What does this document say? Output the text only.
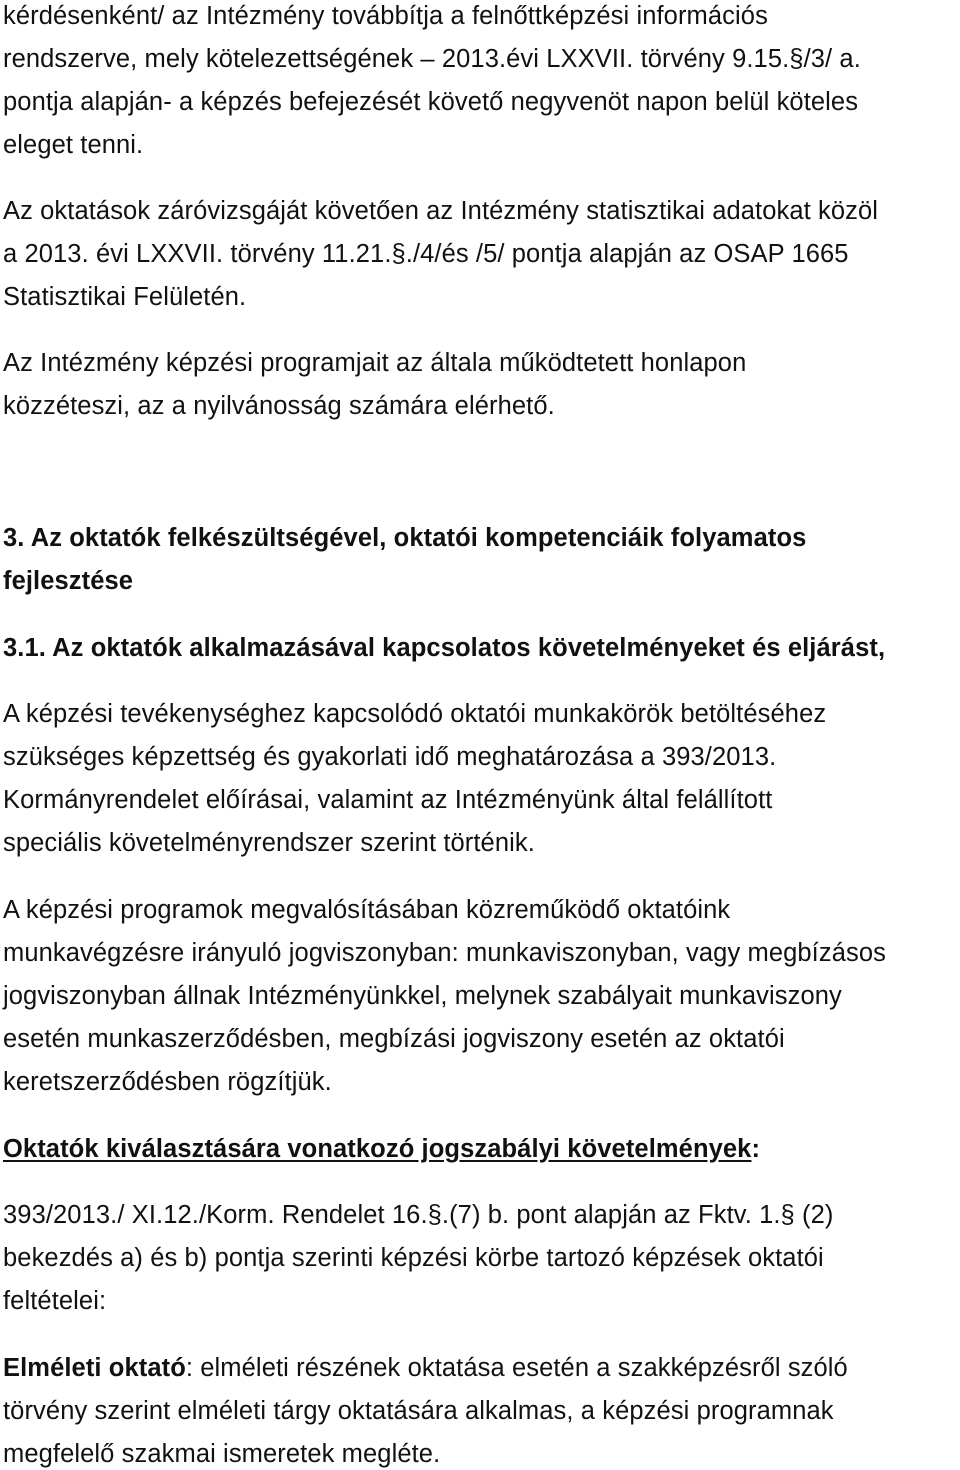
kérdésenként/ az Intézmény továbbítja a felnőttképzési információs
rendszerve, mely kötelezettségének – 2013.évi LXXVII. törvény 9.15.§/3/ a.
pontja alapján- a képzés befejezését követő negyvenöt napon belül köteles
eleget tenni.
Az oktatások záróvizsgáját követően az Intézmény statisztikai adatokat közöl
a 2013. évi LXXVII. törvény 11.21.§./4/és /5/ pontja alapján az OSAP 1665
Statisztikai Felületén.
Az Intézmény képzési programjait az általa működtetett honlapon
közzéteszi, az a nyilvánosság számára elérhető.
3. Az oktatók felkészültségével, oktatói kompetenciáik folyamatos
fejlesztése
3.1. Az oktatók alkalmazásával kapcsolatos követelményeket és eljárást,
A képzési tevékenységhez kapcsolódó oktatói munkakörök betöltéséhez
szükséges képzettség és gyakorlati idő meghatározása a 393/2013.
Kormányrendelet előírásai, valamint az Intézményünk által felállított
speciális követelményrendszer szerint történik.
A képzési programok megvalósításában közreműködő oktatóink
munkavégzésre irányuló jogviszonyban: munkaviszonyban, vagy megbízásos
jogviszonyban állnak Intézményünkkel, melynek szabályait munkaviszony
esetén munkaszerződésben, megbízási jogviszony esetén az oktatói
keretszerződésben rögzítjük.
Oktatók kiválasztására vonatkozó jogszabályi követelmények:
393/2013./ XI.12./Korm. Rendelet 16.§.(7) b. pont alapján az Fktv. 1.§ (2)
bekezdés a) és b) pontja szerinti képzési körbe tartozó képzések oktatói
feltételei:
Elméleti oktató: elméleti részének oktatása esetén a szakképzésről szóló
törvény szerint elméleti tárgy oktatására alkalmas, a képzési programnak
megfelelő szakmai ismeretek megléte.
